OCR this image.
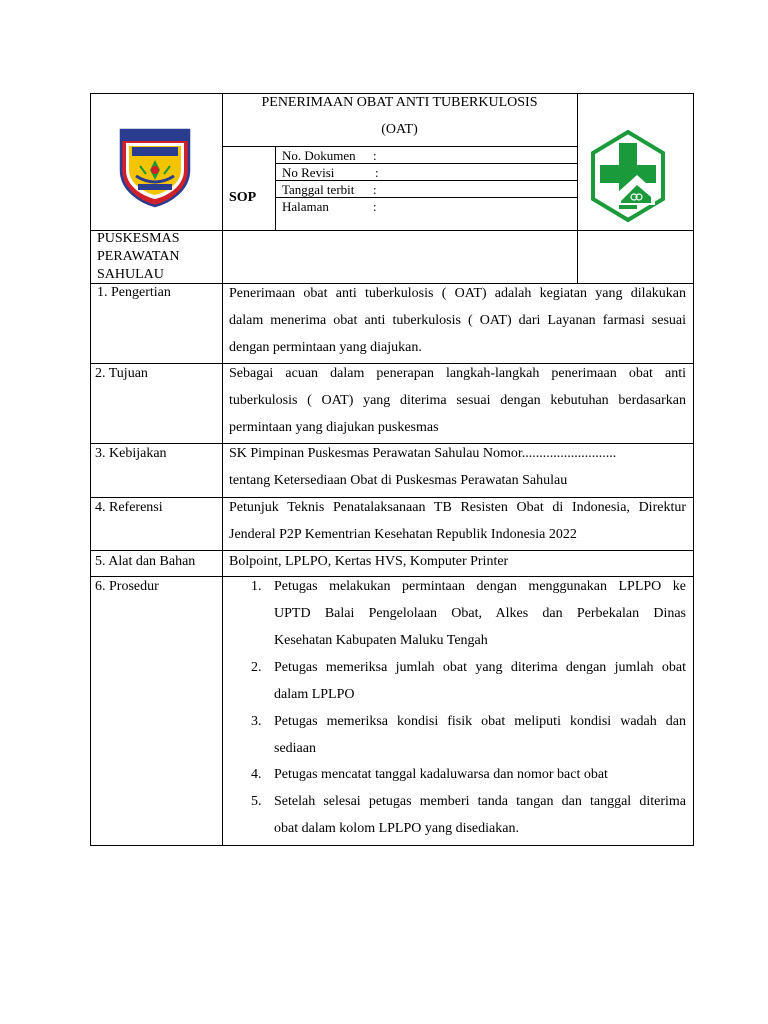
PENERIMAAN OBAT ANTI TUBERKULOSIS
(OAT)
SOP
No. Dokumen :
No Revisi	:
Tanggal terbit :
Halaman	:
PUSKESMAS
PERAWATAN
SAHULAU
1. Pengertian	Penerimaan obat anti tuberkulosis ( OAT) adalah kegiatan yang dilakukan
dalam menerima obat anti tuberkulosis ( OAT) dari Layanan farmasi sesuai
dengan permintaan yang diajukan.
2. Tujuan	Sebagai acuan dalam penerapan langkah-langkah penerimaan obat anti
tuberkulosis ( OAT) yang diterima sesuai dengan kebutuhan berdasarkan
permintaan yang diajukan puskesmas
3. Kebijakan	SK Pimpinan Puskesmas Perawatan Sahulau Nomor...........................
tentang Ketersediaan Obat di Puskesmas Perawatan Sahulau
4. Referensi	Petunjuk Teknis Penatalaksanaan TB Resisten Obat di Indonesia, Direktur
Jenderal P2P Kementrian Kesehatan Republik Indonesia 2022
5. Alat dan Bahan Bolpoint, LPLPO, Kertas HVS, Komputer Printer
6. Prosedur	1. Petugas melakukan permintaan dengan menggunakan LPLPO ke
UPTD Balai Pengelolaan Obat, Alkes dan Perbekalan Dinas
Kesehatan Kabupaten Maluku Tengah
2. Petugas memeriksa jumlah obat yang diterima dengan jumlah obat
dalam LPLPO
3. Petugas memeriksa kondisi fisik obat meliputi kondisi wadah dan
sediaan
4. Petugas mencatat tanggal kadaluwarsa dan nomor bact obat
5. Setelah selesai petugas memberi tanda tangan dan tanggal diterima
obat dalam kolom LPLPO yang disediakan.
